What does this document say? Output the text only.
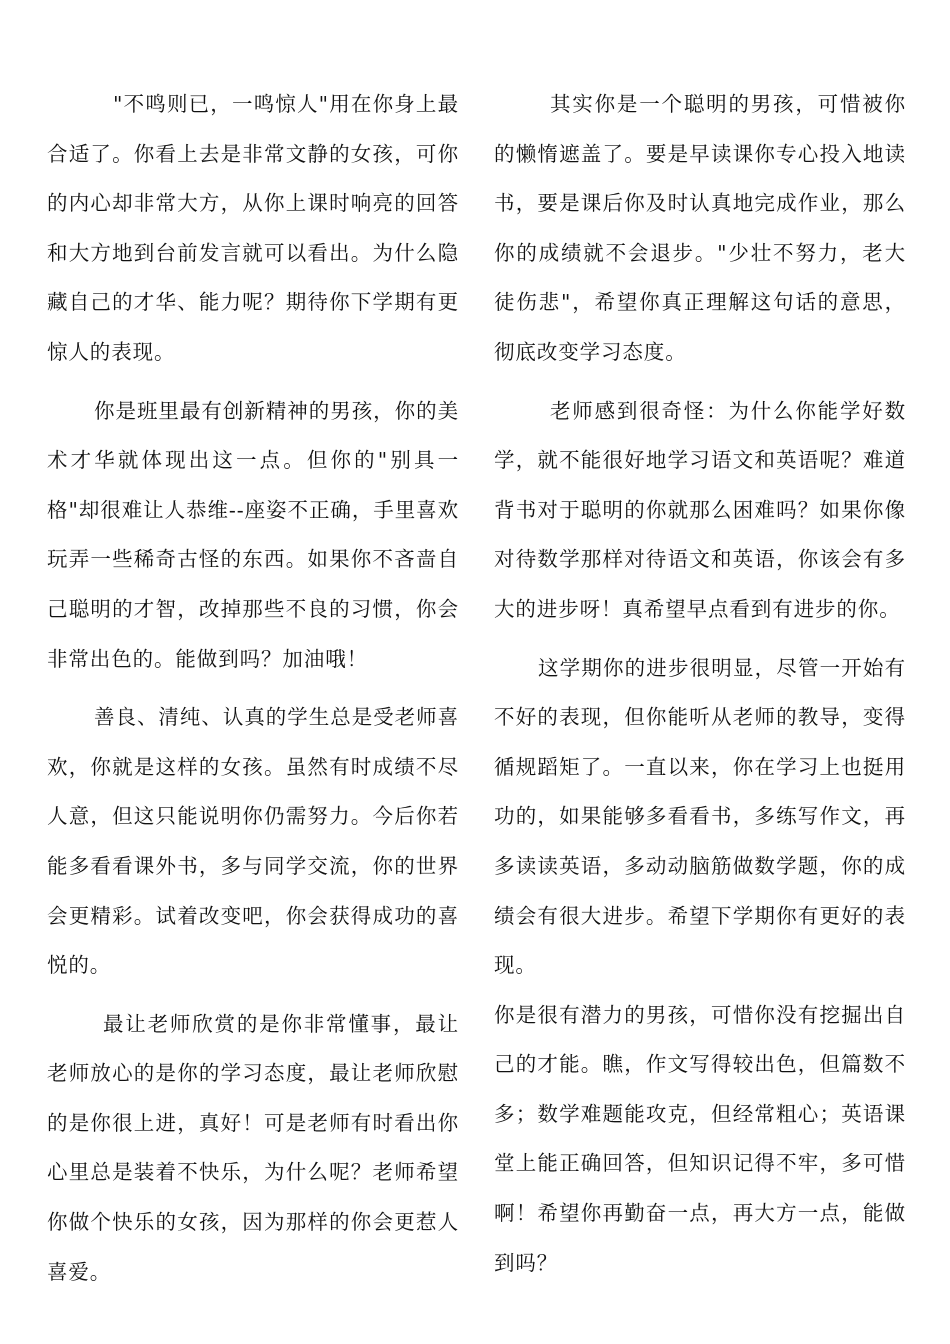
"不鸣则已，一鸣惊人"用在你身上最合适了。你看上去是非常文静的女孩，可你的内心却非常大方，从你上课时响亮的回答和大方地到台前发言就可以看出。为什么隐藏自己的才华、能力呢？期待你下学期有更惊人的表现。

你是班里最有创新精神的男孩，你的美术才华就体现出这一点。但你的"别具一格"却很难让人恭维--座姿不正确，手里喜欢玩弄一些稀奇古怪的东西。如果你不吝啬自己聪明的才智，改掉那些不良的习惯，你会非常出色的。能做到吗？加油哦！

善良、清纯、认真的学生总是受老师喜欢，你就是这样的女孩。虽然有时成绩不尽人意，但这只能说明你仍需努力。今后你若能多看看课外书，多与同学交流，你的世界会更精彩。试着改变吧，你会获得成功的喜悦的。

最让老师欣赏的是你非常懂事，最让老师放心的是你的学习态度，最让老师欣慰的是你很上进，真好！可是老师有时看出你心里总是装着不快乐，为什么呢？老师希望你做个快乐的女孩，因为那样的你会更惹人喜爱。

其实你是一个聪明的男孩，可惜被你的懒惰遮盖了。要是早读课你专心投入地读书，要是课后你及时认真地完成作业，那么你的成绩就不会退步。"少壮不努力，老大徒伤悲"，希望你真正理解这句话的意思，彻底改变学习态度。

老师感到很奇怪：为什么你能学好数学，就不能很好地学习语文和英语呢？难道背书对于聪明的你就那么困难吗？如果你像对待数学那样对待语文和英语，你该会有多大的进步呀！真希望早点看到有进步的你。

这学期你的进步很明显，尽管一开始有不好的表现，但你能听从老师的教导，变得循规蹈矩了。一直以来，你在学习上也挺用功的，如果能够多看看书，多练写作文，再多读读英语，多动动脑筋做数学题，你的成绩会有很大进步。希望下学期你有更好的表现。

你是很有潜力的男孩，可惜你没有挖掘出自己的才能。瞧，作文写得较出色，但篇数不多；数学难题能攻克，但经常粗心；英语课堂上能正确回答，但知识记得不牢，多可惜啊！希望你再勤奋一点，再大方一点，能做到吗？
